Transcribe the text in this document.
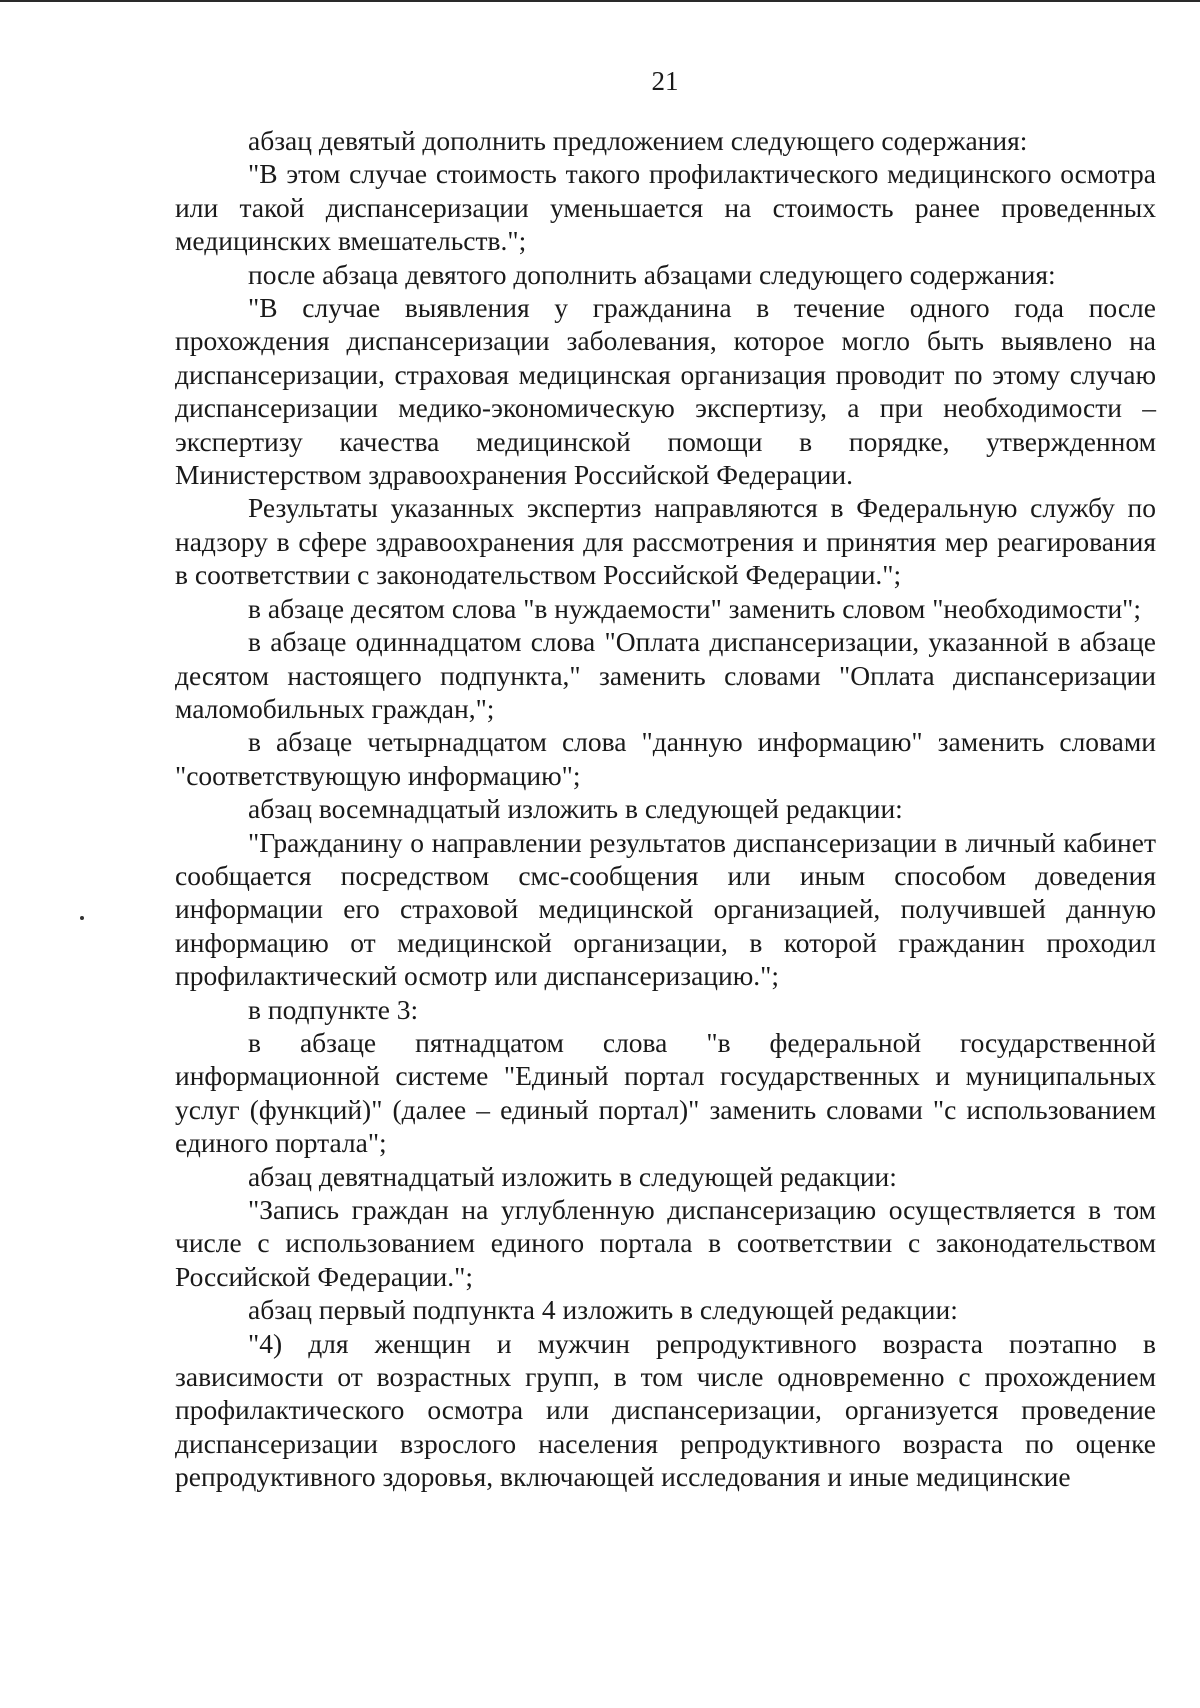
21

абзац девятый дополнить предложением следующего содержания:

"В этом случае стоимость такого профилактического медицинского осмотра или такой диспансеризации уменьшается на стоимость ранее проведенных медицинских вмешательств.";

после абзаца девятого дополнить абзацами следующего содержания:

"В случае выявления у гражданина в течение одного года после прохождения диспансеризации заболевания, которое могло быть выявлено на диспансеризации, страховая медицинская организация проводит по этому случаю диспансеризации медико-экономическую экспертизу, а при необходимости – экспертизу качества медицинской помощи в порядке, утвержденном Министерством здравоохранения Российской Федерации.

Результаты указанных экспертиз направляются в Федеральную службу по надзору в сфере здравоохранения для рассмотрения и принятия мер реагирования в соответствии с законодательством Российской Федерации.";

в абзаце десятом слова "в нуждаемости" заменить словом "необходимости";

в абзаце одиннадцатом слова "Оплата диспансеризации, указанной в абзаце десятом настоящего подпункта," заменить словами "Оплата диспансеризации маломобильных граждан,";

в абзаце четырнадцатом слова "данную информацию" заменить словами "соответствующую информацию";

абзац восемнадцатый изложить в следующей редакции:

"Гражданину о направлении результатов диспансеризации в личный кабинет сообщается посредством смс-сообщения или иным способом доведения информации его страховой медицинской организацией, получившей данную информацию от медицинской организации, в которой гражданин проходил профилактический осмотр или диспансеризацию.";

в подпункте 3:

в абзаце пятнадцатом слова "в федеральной государственной информационной системе "Единый портал государственных и муниципальных услуг (функций)" (далее – единый портал)" заменить словами "с использованием единого портала";

абзац девятнадцатый изложить в следующей редакции:

"Запись граждан на углубленную диспансеризацию осуществляется в том числе с использованием единого портала в соответствии с законодательством Российской Федерации.";

абзац первый подпункта 4 изложить в следующей редакции:

"4) для женщин и мужчин репродуктивного возраста поэтапно в зависимости от возрастных групп, в том числе одновременно с прохождением профилактического осмотра или диспансеризации, организуется проведение диспансеризации взрослого населения репродуктивного возраста по оценке репродуктивного здоровья, включающей исследования и иные медицинские
